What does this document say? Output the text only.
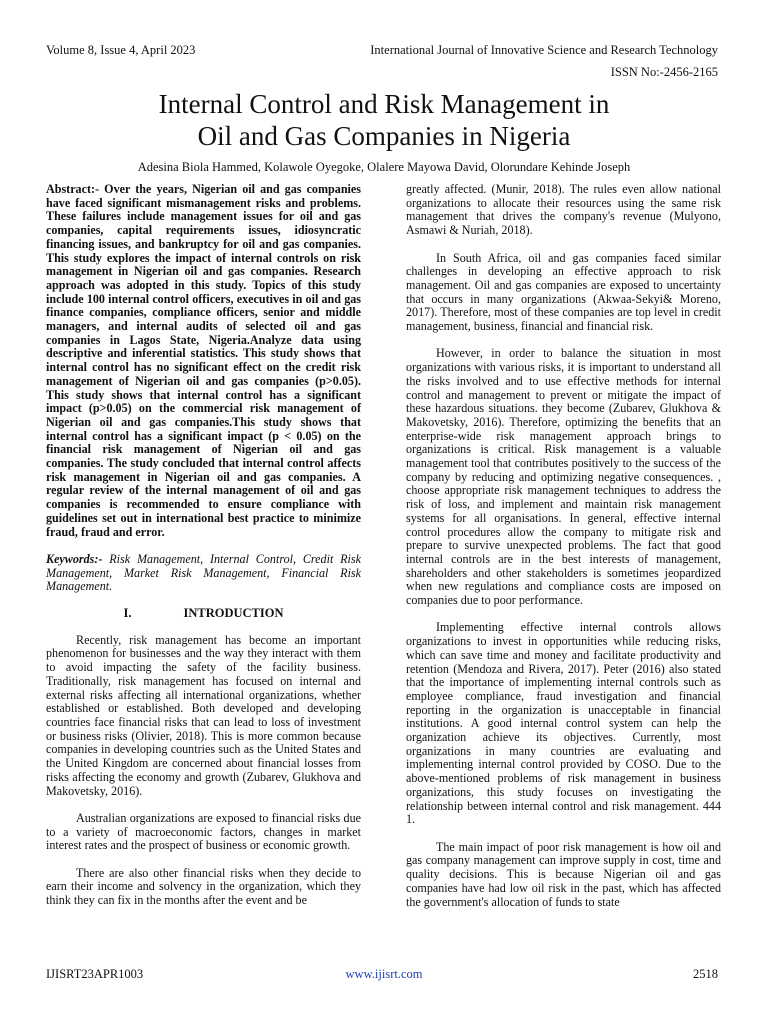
Volume 8, Issue 4, April 2023	International Journal of Innovative Science and Research Technology
ISSN No:-2456-2165
Internal Control and Risk Management in
Oil and Gas Companies in Nigeria
Adesina Biola Hammed, Kolawole Oyegoke, Olalere Mayowa David, Olorundare Kehinde Joseph

Abstract:- Over the years, Nigerian oil and gas companies have faced significant mismanagement risks and problems. These failures include management issues for oil and gas companies, capital requirements issues, idiosyncratic financing issues, and bankruptcy for oil and gas companies. This study explores the impact of internal controls on risk management in Nigerian oil and gas companies. Research approach was adopted in this study. Topics of this study include 100 internal control officers, executives in oil and gas finance companies, compliance officers, senior and middle managers, and internal audits of selected oil and gas companies in Lagos State, Nigeria.Analyze data using descriptive and inferential statistics. This study shows that internal control has no significant effect on the credit risk management of Nigerian oil and gas companies (p>0.05). This study shows that internal control has a significant impact (p>0.05) on the commercial risk management of Nigerian oil and gas companies.This study shows that internal control has a significant impact (p < 0.05) on the financial risk management of Nigerian oil and gas companies. The study concluded that internal control affects risk management in Nigerian oil and gas companies. A regular review of the internal management of oil and gas companies is recommended to ensure compliance with guidelines set out in international best practice to minimize fraud, fraud and error.

Keywords:- Risk Management, Internal Control, Credit Risk Management, Market Risk Management, Financial Risk Management.

I.	INTRODUCTION

Recently, risk management has become an important phenomenon for businesses and the way they interact with them to avoid impacting the safety of the facility business. Traditionally, risk management has focused on internal and external risks affecting all international organizations, whether established or established. Both developed and developing countries face financial risks that can lead to loss of investment or business risks (Olivier, 2018). This is more common because companies in developing countries such as the United States and the United Kingdom are concerned about financial losses from risks affecting the economy and growth (Zubarev, Glukhova and Makovetsky, 2016).

Australian organizations are exposed to financial risks due to a variety of macroeconomic factors, changes in market interest rates and the prospect of business or economic growth.

There are also other financial risks when they decide to earn their income and solvency in the organization, which they think they can fix in the months after the event and be

greatly affected. (Munir, 2018). The rules even allow national organizations to allocate their resources using the same risk management that drives the company's revenue (Mulyono, Asmawi & Nuriah, 2018).

In South Africa, oil and gas companies faced similar challenges in developing an effective approach to risk management. Oil and gas companies are exposed to uncertainty that occurs in many organizations (Akwaa-Sekyi& Moreno, 2017). Therefore, most of these companies are top level in credit management, business, financial and financial risk.

However, in order to balance the situation in most organizations with various risks, it is important to understand all the risks involved and to use effective methods for internal control and management to prevent or mitigate the impact of these hazardous situations. they become (Zubarev, Glukhova & Makovetsky, 2016). Therefore, optimizing the benefits that an enterprise-wide risk management approach brings to organizations is critical. Risk management is a valuable management tool that contributes positively to the success of the company by reducing and optimizing negative consequences. , choose appropriate risk management techniques to address the risk of loss, and implement and maintain risk management systems for all organisations. In general, effective internal control procedures allow the company to mitigate risk and prepare to survive unexpected problems. The fact that good internal controls are in the best interests of management, shareholders and other stakeholders is sometimes jeopardized when new regulations and compliance costs are imposed on companies due to poor performance.

Implementing effective internal controls allows organizations to invest in opportunities while reducing risks, which can save time and money and facilitate productivity and retention (Mendoza and Rivera, 2017). Peter (2016) also stated that the importance of implementing internal controls such as employee compliance, fraud investigation and financial reporting in the organization is unacceptable in financial institutions. A good internal control system can help the organization achieve its objectives. Currently, most organizations in many countries are evaluating and implementing internal control provided by COSO. Due to the above-mentioned problems of risk management in business organizations, this study focuses on investigating the relationship between internal control and risk management. 444 1.

The main impact of poor risk management is how oil and gas company management can improve supply in cost, time and quality decisions. This is because Nigerian oil and gas companies have had low oil risk in the past, which has affected the government's allocation of funds to state

IJISRT23APR1003	www.ijisrt.com	2518
